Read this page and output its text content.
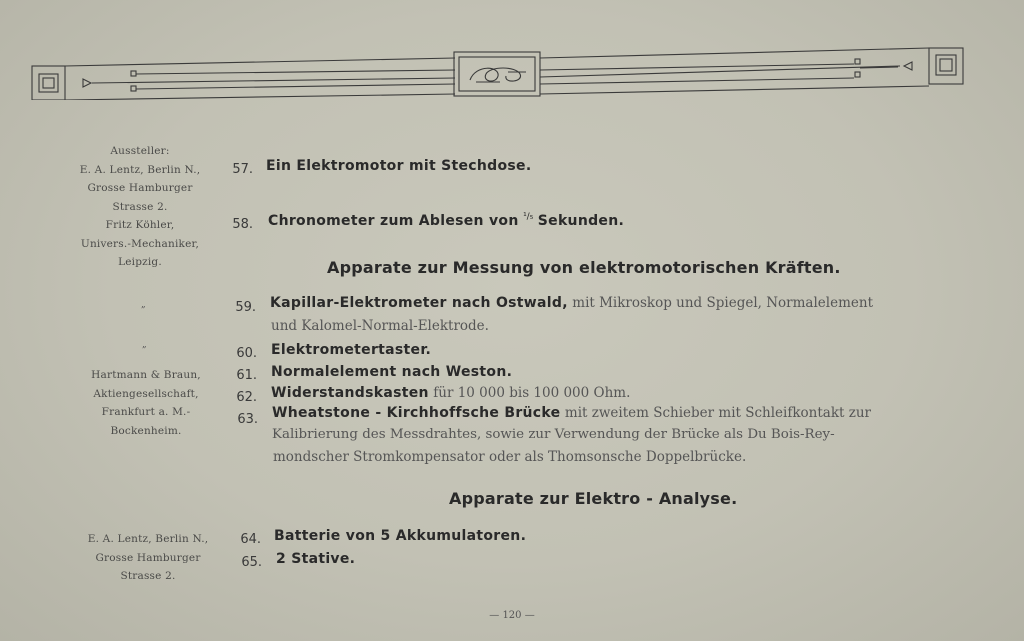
Aussteller:
E. A. Lentz, Berlin N.,
Grosse Hamburger
Strasse 2.
Fritz Köhler,
Univers.-Mechaniker,
Leipzig.
„
„
Hartmann & Braun,
Aktiengesellschaft,
Frankfurt a. M.-
Bockenheim.
E. A. Lentz, Berlin N.,
Grosse Hamburger
Strasse 2.
57. Ein Elektromotor mit Stechdose.
58. Chronometer zum Ablesen von $^{^1/_5}$ Sekunden.
Apparate zur Messung von elektromotorischen Kräften.
59. Kapillar-Elektrometer nach Ostwald, mit Mikroskop und Spiegel, Normalelement
und Kalomel-Normal-Elektrode.
60. Elektrometertaster.
61. Normalelement nach Weston.
62. Widerstandskasten für 10 000 bis 100 000 Ohm.
63. Wheatstone - Kirchhoffsche Brücke mit zweitem Schieber mit Schleifkontakt zur
Kalibrierung des Messdrahtes, sowie zur Verwendung der Brücke als Du Bois-Rey-
mondscher Stromkompensator oder als Thomsonsche Doppelbrücke.
Apparate zur Elektro - Analyse.
64. Batterie von 5 Akkumulatoren.
65. 2 Stative.
— 120 —
